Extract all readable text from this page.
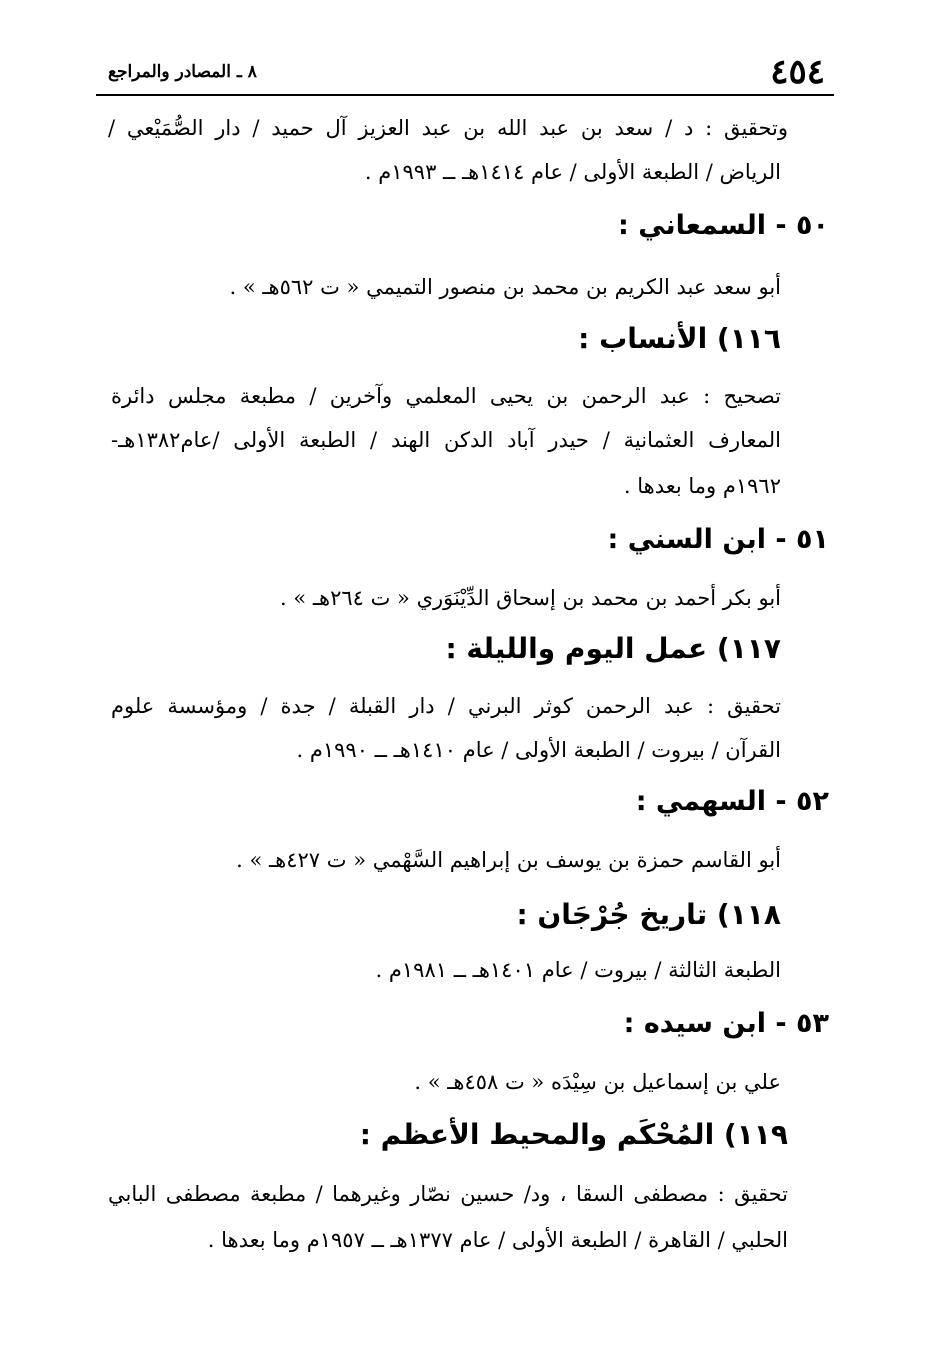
٤٥٤
٨ ـ المصادر والمراجع
وتحقيق : د / سعد بن عبد الله بن عبد العزيز آل حميد / دار الصُّمَيْعي /
الرياض / الطبعة الأولى / عام ١٤١٤هـ ــ ١٩٩٣م .
٥٠ - السمعاني :
أبو سعد عبد الكريم بن محمد بن منصور التميمي « ت ٥٦٢هـ » .
١١٦) الأنساب :
تصحيح : عبد الرحمن بن يحيى المعلمي وآخرين / مطبعة مجلس دائرة
المعارف العثمانية / حيدر آباد الدكن الهند / الطبعة الأولى /عام١٣٨٢هـ-
١٩٦٢م وما بعدها .
٥١ - ابن السني :
أبو بكر أحمد بن محمد بن إسحاق الدِّيْنَوَري « ت ٢٦٤هـ » .
١١٧) عمل اليوم والليلة :
تحقيق : عبد الرحمن كوثر البرني / دار القبلة / جدة / ومؤسسة علوم
القرآن / بيروت / الطبعة الأولى / عام ١٤١٠هـ ــ ١٩٩٠م .
٥٢ - السهمي :
أبو القاسم حمزة بن يوسف بن إبراهيم السَّهْمي « ت ٤٢٧هـ » .
١١٨) تاريخ جُرْجَان :
الطبعة الثالثة / بيروت / عام ١٤٠١هـ ــ ١٩٨١م .
٥٣ - ابن سيده :
علي بن إسماعيل بن سِيْدَه « ت ٤٥٨هـ » .
١١٩) المُحْكَم والمحيط الأعظم :
تحقيق : مصطفى السقا ، ود/ حسين نصّار وغيرهما / مطبعة مصطفى البابي
الحلبي / القاهرة / الطبعة الأولى / عام ١٣٧٧هـ ــ ١٩٥٧م وما بعدها .
